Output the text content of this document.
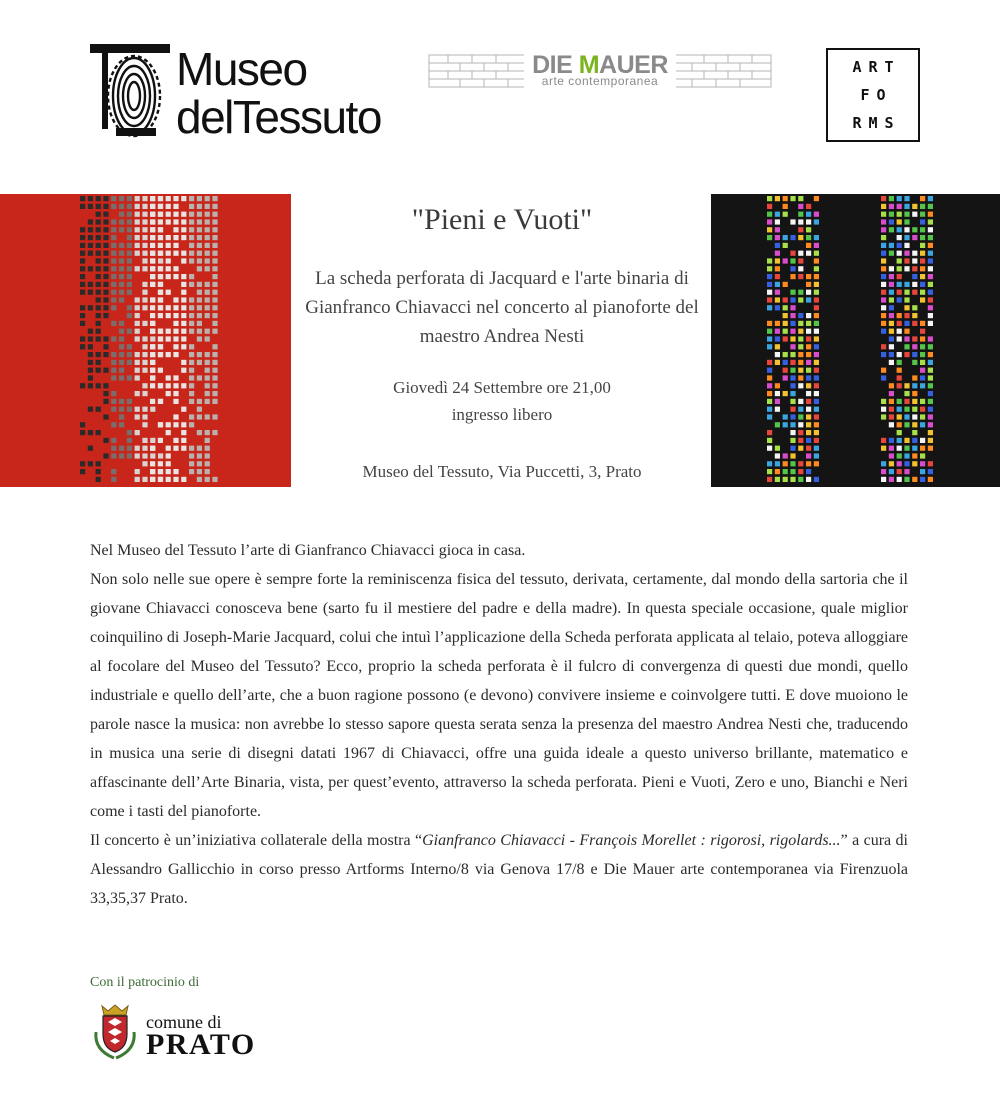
Museo
delTessuto
DIE MAUER
arte contemporanea
ART
FO
RMS
"Pieni e Vuoti"
La scheda perforata di Jacquard e l'arte binaria di Gianfranco Chiavacci nel concerto al pianoforte del maestro Andrea Nesti
Giovedì 24 Settembre ore 21,00
ingresso libero
Museo del Tessuto, Via Puccetti, 3, Prato

Nel Museo del Tessuto l’arte di Gianfranco Chiavacci gioca in casa.

Non solo nelle sue opere è sempre forte la reminiscenza fisica del tessuto, derivata, certamente, dal mondo della sartoria che il giovane Chiavacci conosceva bene (sarto fu il mestiere del padre e della madre). In questa speciale occasione, quale miglior coinquilino di Joseph-Marie Jacquard, colui che intuì l’applicazione della Scheda perforata applicata al telaio, poteva alloggiare al focolare del Museo del Tessuto? Ecco, proprio la scheda perforata è il fulcro di convergenza di questi due mondi, quello industriale e quello dell’arte, che a buon ragione possono (e devono) convivere insieme e coinvolgere tutti. E dove muoiono le parole nasce la musica: non avrebbe lo stesso sapore questa serata senza la presenza del maestro Andrea Nesti che, traducendo in musica una serie di disegni datati 1967 di Chiavacci, offre una guida ideale a questo universo brillante, matematico e affascinante dell’Arte Binaria, vista, per quest’evento, attraverso la scheda perforata. Pieni e Vuoti, Zero e uno, Bianchi e Neri come i tasti del pianoforte.

Il concerto è un’iniziativa collaterale della mostra “Gianfranco Chiavacci - François Morellet : rigorosi, rigolards...” a cura di Alessandro Gallicchio in corso presso Artforms Interno/8 via Genova 17/8 e Die Mauer arte contemporanea via Firenzuola 33,35,37 Prato.

Con il patrocinio di
comune di
PRATO
